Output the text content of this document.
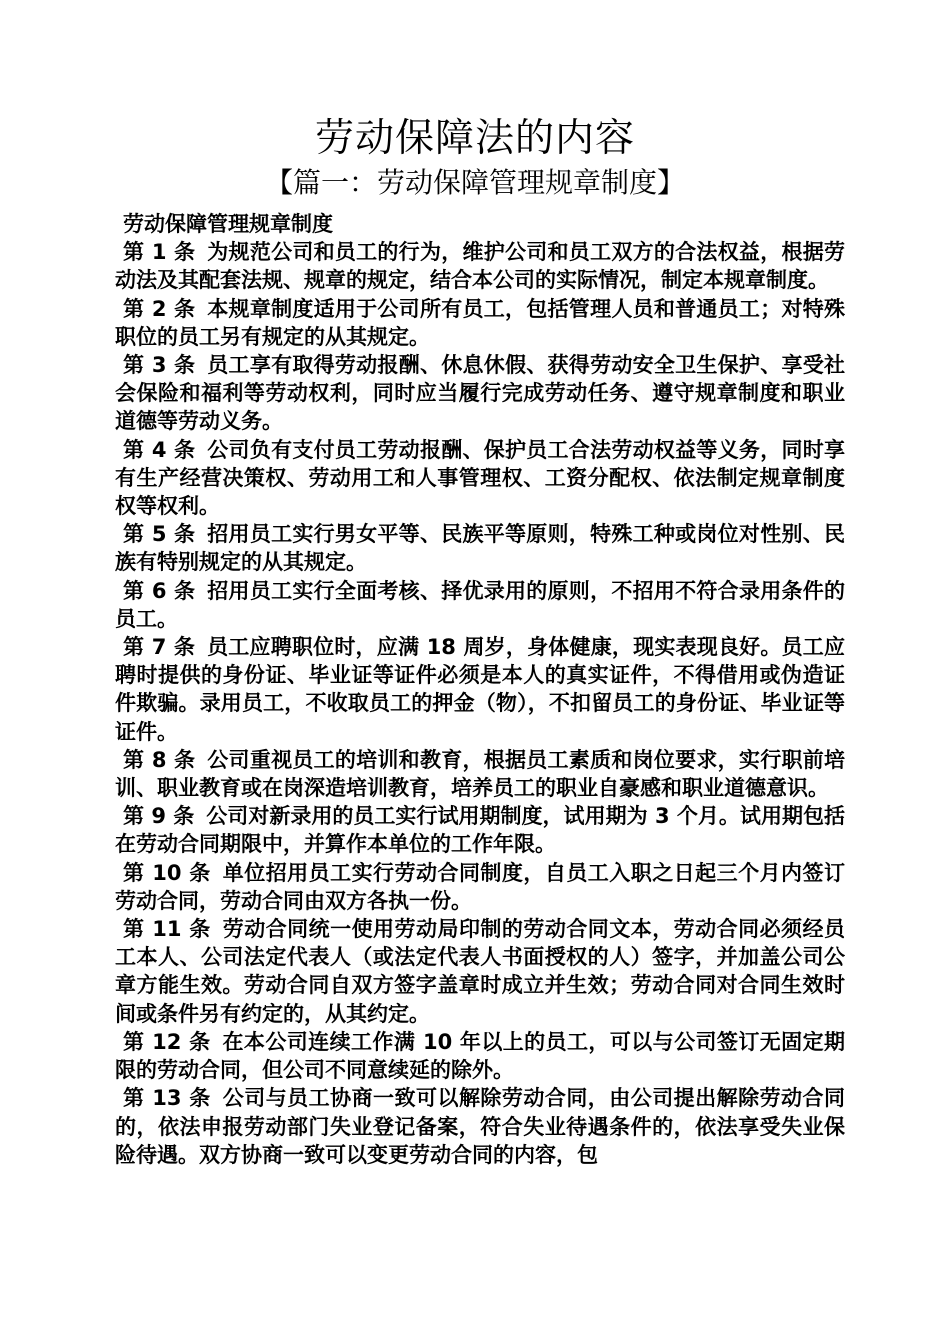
劳动保障法的内容
【篇一：劳动保障管理规章制度】

劳动保障管理规章制度

第 1 条 为规范公司和员工的行为，维护公司和员工双方的合法权益，根据劳动法及其配套法规、规章的规定，结合本公司的实际情况，制定本规章制度。

第 2 条 本规章制度适用于公司所有员工，包括管理人员和普通员工；对特殊职位的员工另有规定的从其规定。

第 3 条 员工享有取得劳动报酬、休息休假、获得劳动安全卫生保护、享受社会保险和福利等劳动权利，同时应当履行完成劳动任务、遵守规章制度和职业道德等劳动义务。

第 4 条 公司负有支付员工劳动报酬、保护员工合法劳动权益等义务，同时享有生产经营决策权、劳动用工和人事管理权、工资分配权、依法制定规章制度权等权利。

第 5 条 招用员工实行男女平等、民族平等原则，特殊工种或岗位对性别、民族有特别规定的从其规定。

第 6 条 招用员工实行全面考核、择优录用的原则，不招用不符合录用条件的员工。

第 7 条 员工应聘职位时，应满 18 周岁，身体健康，现实表现良好。员工应聘时提供的身份证、毕业证等证件必须是本人的真实证件，不得借用或伪造证件欺骗。录用员工，不收取员工的押金（物），不扣留员工的身份证、毕业证等证件。

第 8 条 公司重视员工的培训和教育，根据员工素质和岗位要求，实行职前培训、职业教育或在岗深造培训教育，培养员工的职业自豪感和职业道德意识。

第 9 条 公司对新录用的员工实行试用期制度，试用期为 3 个月。试用期包括在劳动合同期限中，并算作本单位的工作年限。

第 10 条 单位招用员工实行劳动合同制度，自员工入职之日起三个月内签订劳动合同，劳动合同由双方各执一份。

第 11 条 劳动合同统一使用劳动局印制的劳动合同文本，劳动合同必须经员工本人、公司法定代表人（或法定代表人书面授权的人）签字，并加盖公司公章方能生效。劳动合同自双方签字盖章时成立并生效；劳动合同对合同生效时间或条件另有约定的，从其约定。

第 12 条 在本公司连续工作满 10 年以上的员工，可以与公司签订无固定期限的劳动合同，但公司不同意续延的除外。

第 13 条 公司与员工协商一致可以解除劳动合同，由公司提出解除劳动合同的，依法申报劳动部门失业登记备案，符合失业待遇条件的，依法享受失业保险待遇。双方协商一致可以变更劳动合同的内容，包
